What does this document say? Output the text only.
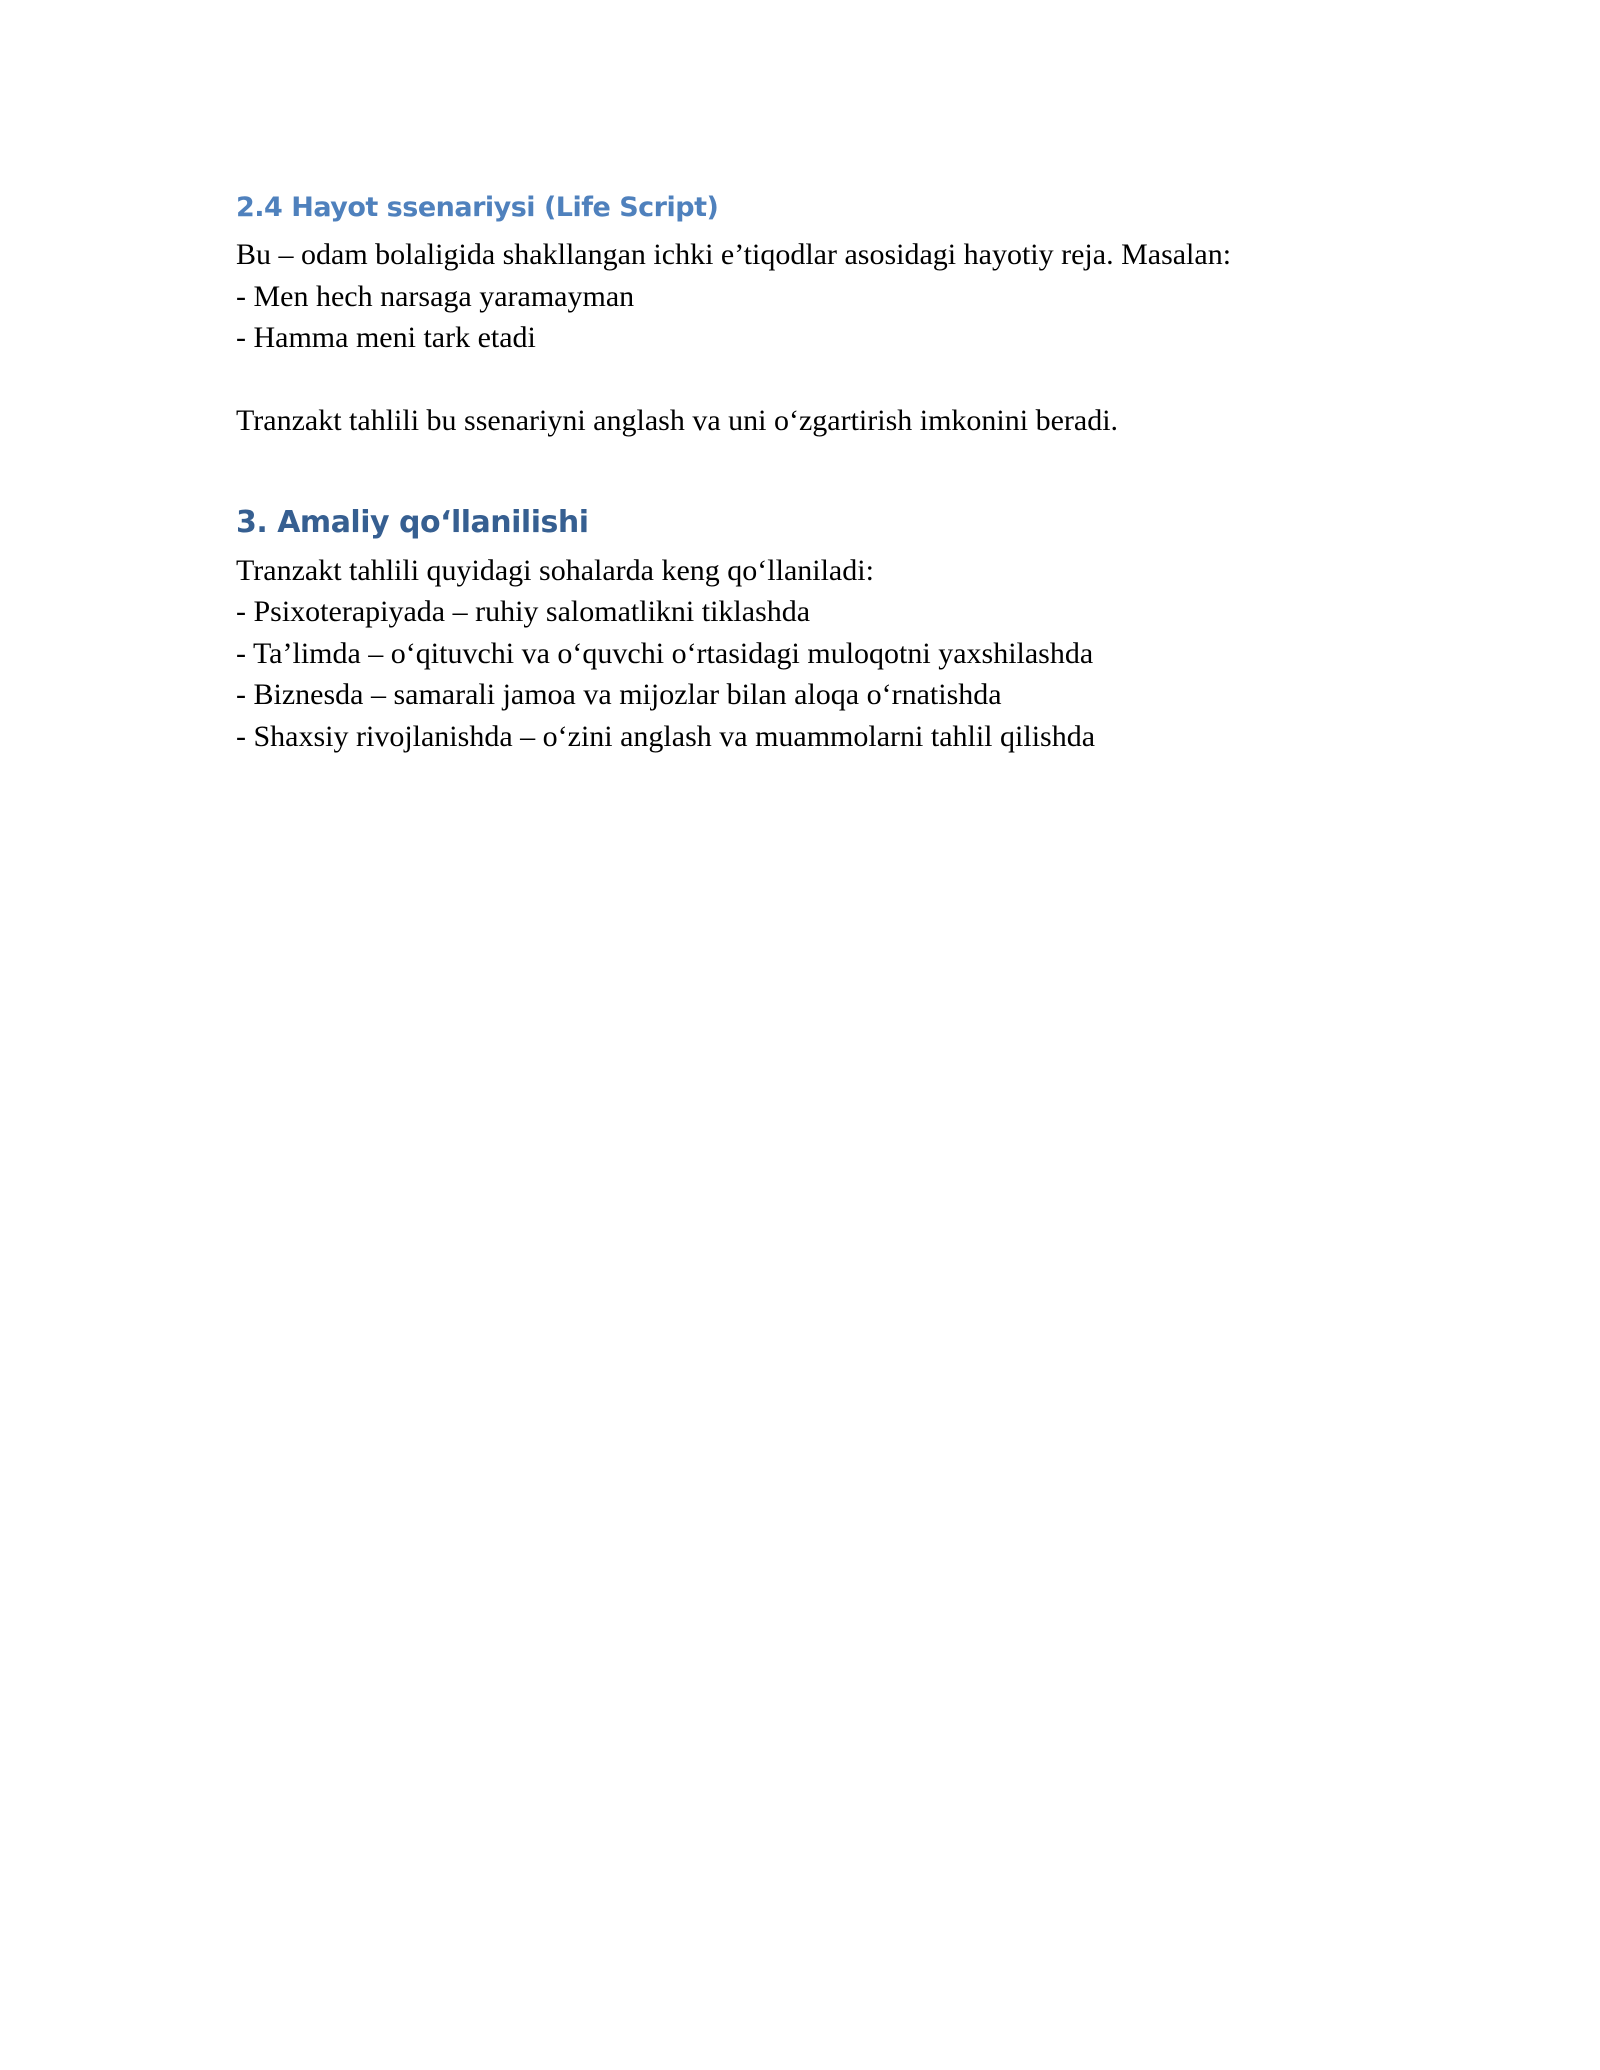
2.4 Hayot ssenariysi (Life Script)

Bu – odam bolaligida shakllangan ichki e’tiqodlar asosidagi hayotiy reja. Masalan:

- Men hech narsaga yaramayman

- Hamma meni tark etadi

Tranzakt tahlili bu ssenariyni anglash va uni o‘zgartirish imkonini beradi.

3. Amaliy qo‘llanilishi

Tranzakt tahlili quyidagi sohalarda keng qo‘llaniladi:

- Psixoterapiyada – ruhiy salomatlikni tiklashda

- Ta’limda – o‘qituvchi va o‘quvchi o‘rtasidagi muloqotni yaxshilashda

- Biznesda – samarali jamoa va mijozlar bilan aloqa o‘rnatishda

- Shaxsiy rivojlanishda – o‘zini anglash va muammolarni tahlil qilishda
